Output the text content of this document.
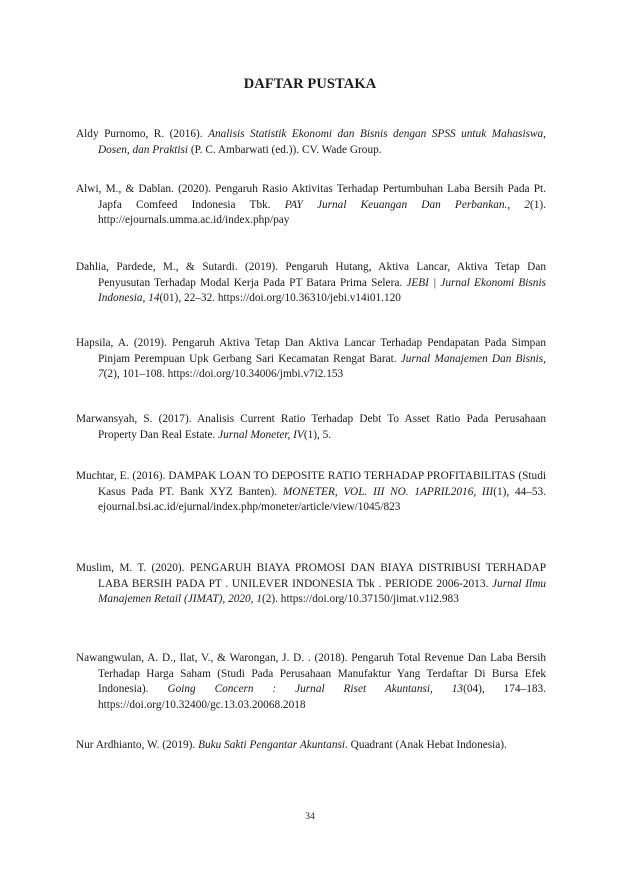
DAFTAR PUSTAKA
Aldy Purnomo, R. (2016). Analisis Statistik Ekonomi dan Bisnis dengan SPSS untuk Mahasiswa, Dosen, dan Praktisi (P. C. Ambarwati (ed.)). CV. Wade Group.
Alwi, M., & Dablan. (2020). Pengaruh Rasio Aktivitas Terhadap Pertumbuhan Laba Bersih Pada Pt. Japfa Comfeed Indonesia Tbk. PAY Jurnal Keuangan Dan Perbankan., 2(1). http://ejournals.umma.ac.id/index.php/pay
Dahlia, Pardede, M., & Sutardi. (2019). Pengaruh Hutang, Aktiva Lancar, Aktiva Tetap Dan Penyusutan Terhadap Modal Kerja Pada PT Batara Prima Selera. JEBI | Jurnal Ekonomi Bisnis Indonesia, 14(01), 22–32. https://doi.org/10.36310/jebi.v14i01.120
Hapsila, A. (2019). Pengaruh Aktiva Tetap Dan Aktiva Lancar Terhadap Pendapatan Pada Simpan Pinjam Perempuan Upk Gerbang Sari Kecamatan Rengat Barat. Jurnal Manajemen Dan Bisnis, 7(2), 101–108. https://doi.org/10.34006/jmbi.v7i2.153
Marwansyah, S. (2017). Analisis Current Ratio Terhadap Debt To Asset Ratio Pada Perusahaan Property Dan Real Estate. Jurnal Moneter, IV(1), 5.
Muchtar, E. (2016). DAMPAK LOAN TO DEPOSITE RATIO TERHADAP PROFITABILITAS (Studi Kasus Pada PT. Bank XYZ Banten). MONETER, VOL. III NO. 1APRIL2016, III(1), 44–53. ejournal.bsi.ac.id/ejurnal/index.php/moneter/article/view/1045/823
Muslim, M. T. (2020). PENGARUH BIAYA PROMOSI DAN BIAYA DISTRIBUSI TERHADAP LABA BERSIH PADA PT . UNILEVER INDONESIA Tbk . PERIODE 2006-2013. Jurnal Ilmu Manajemen Retail (JIMAT), 2020, 1(2). https://doi.org/10.37150/jimat.v1i2.983
Nawangwulan, A. D., Ilat, V., & Warongan, J. D. . (2018). Pengaruh Total Revenue Dan Laba Bersih Terhadap Harga Saham (Studi Pada Perusahaan Manufaktur Yang Terdaftar Di Bursa Efek Indonesia). Going Concern : Jurnal Riset Akuntansi, 13(04), 174–183. https://doi.org/10.32400/gc.13.03.20068.2018
Nur Ardhianto, W. (2019). Buku Sakti Pengantar Akuntansi. Quadrant (Anak Hebat Indonesia).
34
